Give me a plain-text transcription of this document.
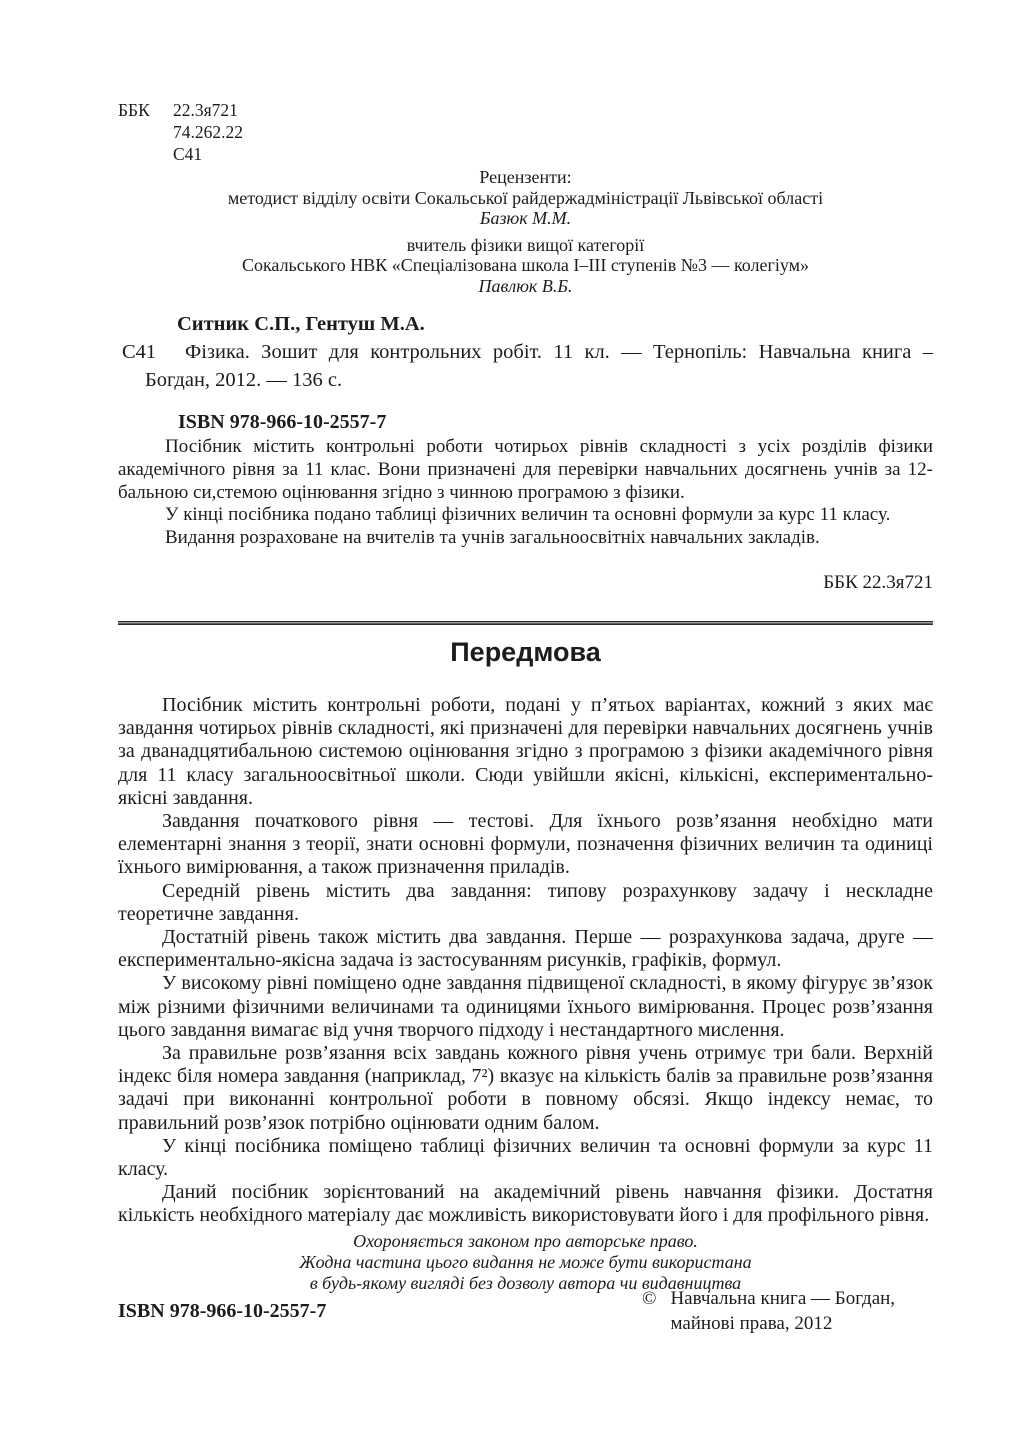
ББК 22.3я721
74.262.22
С41
Рецензенти:
методист відділу освіти Сокальської райдержадміністрації Львівської області
Базюк М.М.
вчитель фізики вищої категорії
Сокальського НВК «Спеціалізована школа І–ІІІ ступенів №3 — колегіум»
Павлюк В.Б.
Ситник С.П., Гентуш М.А.
С41	Фізика. Зошит для контрольних робіт. 11 кл. — Тернопіль: Навчальна книга – Богдан, 2012. — 136 с.

ISBN 978-966-10-2557-7

Посібник містить контрольні роботи чотирьох рівнів складності з усіх розділів фізики академічного рівня за 11 клас. Вони призначені для перевірки навчальних досягнень учнів за 12-бальною си,стемою оцінювання згідно з чинною програмою з фізики.

У кінці посібника подано таблиці фізичних величин та основні формули за курс 11 класу.

Видання розраховане на вчителів та учнів загальноосвітніх навчальних закладів.

ББК 22.3я721
Передмова

Посібник містить контрольні роботи, подані у п’ятьох варіантах, кожний з яких має завдання чотирьох рівнів складності, які призначені для перевірки навчальних досягнень учнів за дванадцятибальною системою оцінювання згідно з програмою з фізики академічного рівня для 11 класу загальноосвітньої школи. Сюди увійшли якісні, кількісні, експериментально-якісні завдання.

Завдання початкового рівня — тестові. Для їхнього розв’язання необхідно мати елементарні знання з теорії, знати основні формули, позначення фізичних величин та одиниці їхнього вимірювання, а також призначення приладів.

Середній рівень містить два завдання: типову розрахункову задачу і нескладне теоретичне завдання.

Достатній рівень також містить два завдання. Перше — розрахункова задача, друге — експериментально-якісна задача із застосуванням рисунків, графіків, формул.

У високому рівні поміщено одне завдання підвищеної складності, в якому фігурує зв’язок між різними фізичними величинами та одиницями їхнього вимірювання. Процес розв’язання цього завдання вимагає від учня творчого підходу і нестандартного мислення.

За правильне розв’язання всіх завдань кожного рівня учень отримує три бали. Верхній індекс біля номера завдання (наприклад, 7²) вказує на кількість балів за правильне розв’язання задачі при виконанні контрольної роботи в повному обсязі. Якщо індексу немає, то правильний розв’язок потрібно оцінювати одним балом.

У кінці посібника поміщено таблиці фізичних величин та основні формули за курс 11 класу.

Даний посібник зорієнтований на академічний рівень навчання фізики. Достатня кількість необхідного матеріалу дає можливість використовувати його і для профільного рівня.

Охороняється законом про авторське право.
Жодна частина цього видання не може бути використана
в будь-якому вигляді без дозволу автора чи видавництва
ISBN 978-966-10-2557-7
© Навчальна книга — Богдан,
майнові права, 2012
